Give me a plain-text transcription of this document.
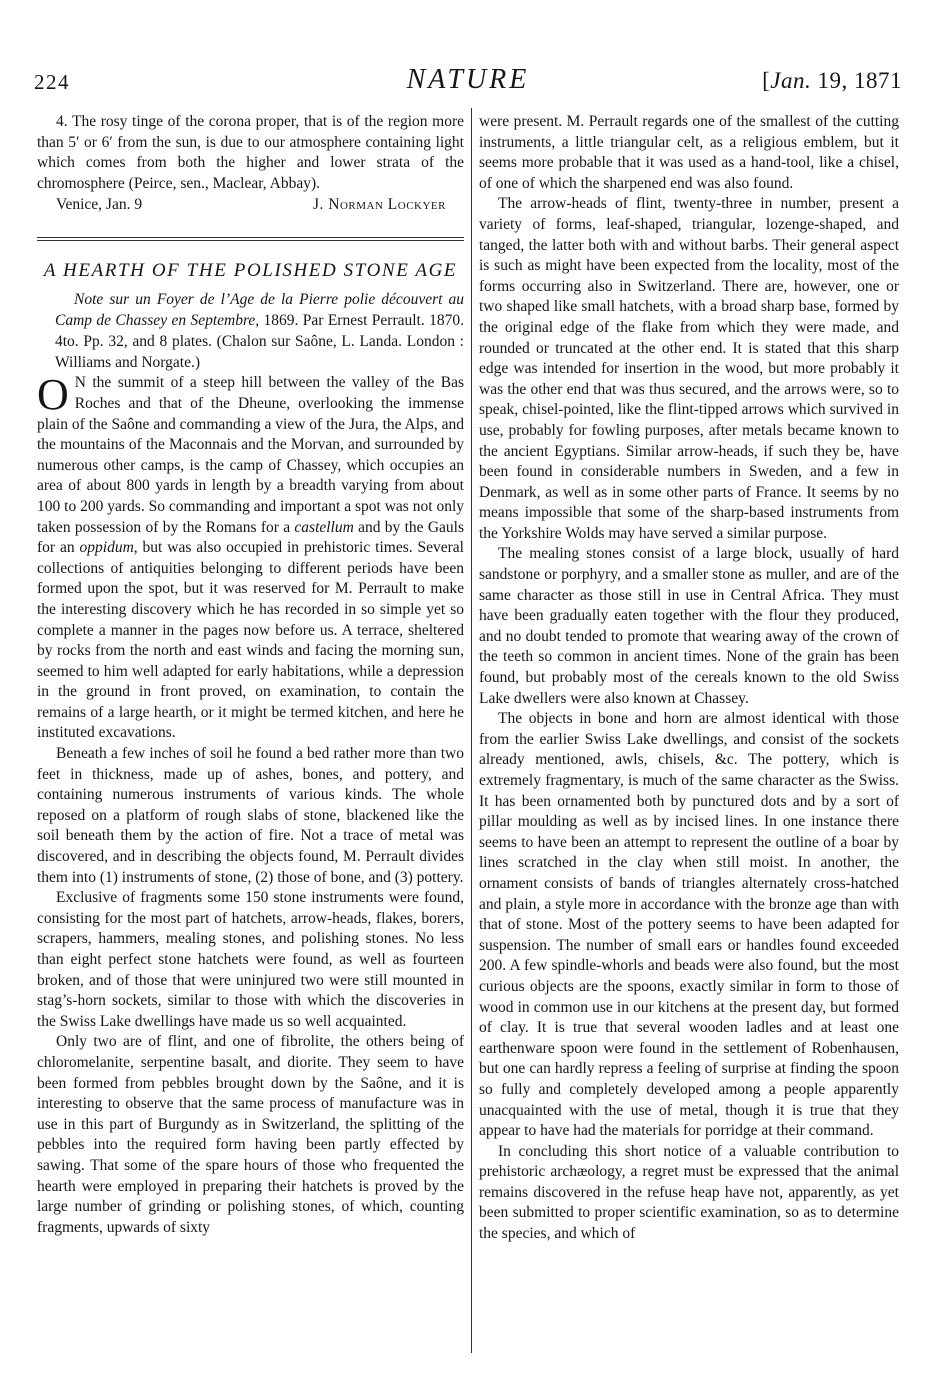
224	NATURE	[Jan. 19, 1871

4. The rosy tinge of the corona proper, that is of the region more than 5′ or 6′ from the sun, is due to our atmosphere containing light which comes from both the higher and lower strata of the chromosphere (Peirce, sen., Maclear, Abbay).

Venice, Jan. 9	J. Norman Lockyer
A HEARTH OF THE POLISHED STONE AGE

Note sur un Foyer de l’Age de la Pierre polie découvert au Camp de Chassey en Septembre, 1869. Par Ernest Perrault. 1870. 4to. Pp. 32, and 8 plates. (Chalon sur Saône, L. Landa. London : Williams and Norgate.)

O N the summit of a steep hill between the valley of the Bas Roches and that of the Dheune, overlooking the immense plain of the Saône and commanding a view of the Jura, the Alps, and the mountains of the Maconnais and the Morvan, and surrounded by numerous other camps, is the camp of Chassey, which occupies an area of about 800 yards in length by a breadth varying from about 100 to 200 yards. So commanding and important a spot was not only taken possession of by the Romans for a castellum and by the Gauls for an oppidum, but was also occupied in prehistoric times. Several collections of antiquities belonging to different periods have been formed upon the spot, but it was reserved for M. Perrault to make the interesting discovery which he has recorded in so simple yet so complete a manner in the pages now before us. A terrace, sheltered by rocks from the north and east winds and facing the morning sun, seemed to him well adapted for early habitations, while a depression in the ground in front proved, on examination, to contain the remains of a large hearth, or it might be termed kitchen, and here he instituted excavations.

Beneath a few inches of soil he found a bed rather more than two feet in thickness, made up of ashes, bones, and pottery, and containing numerous instruments of various kinds. The whole reposed on a platform of rough slabs of stone, blackened like the soil beneath them by the action of fire. Not a trace of metal was discovered, and in describing the objects found, M. Perrault divides them into (1) instruments of stone, (2) those of bone, and (3) pottery.

Exclusive of fragments some 150 stone instruments were found, consisting for the most part of hatchets, arrow-heads, flakes, borers, scrapers, hammers, mealing stones, and polishing stones. No less than eight perfect stone hatchets were found, as well as fourteen broken, and of those that were uninjured two were still mounted in stag’s-horn sockets, similar to those with which the discoveries in the Swiss Lake dwellings have made us so well acquainted.

Only two are of flint, and one of fibrolite, the others being of chloromelanite, serpentine basalt, and diorite. They seem to have been formed from pebbles brought down by the Saône, and it is interesting to observe that the same process of manufacture was in use in this part of Burgundy as in Switzerland, the splitting of the pebbles into the required form having been partly effected by sawing. That some of the spare hours of those who frequented the hearth were employed in preparing their hatchets is proved by the large number of grinding or polishing stones, of which, counting fragments, upwards of sixty

were present. M. Perrault regards one of the smallest of the cutting instruments, a little triangular celt, as a religious emblem, but it seems more probable that it was used as a hand-tool, like a chisel, of one of which the sharpened end was also found.

The arrow-heads of flint, twenty-three in number, present a variety of forms, leaf-shaped, triangular, lozenge-shaped, and tanged, the latter both with and without barbs. Their general aspect is such as might have been expected from the locality, most of the forms occurring also in Switzerland. There are, however, one or two shaped like small hatchets, with a broad sharp base, formed by the original edge of the flake from which they were made, and rounded or truncated at the other end. It is stated that this sharp edge was intended for insertion in the wood, but more probably it was the other end that was thus secured, and the arrows were, so to speak, chisel-pointed, like the flint-tipped arrows which survived in use, probably for fowling purposes, after metals became known to the ancient Egyptians. Similar arrow-heads, if such they be, have been found in considerable numbers in Sweden, and a few in Denmark, as well as in some other parts of France. It seems by no means impossible that some of the sharp-based instruments from the Yorkshire Wolds may have served a similar purpose.

The mealing stones consist of a large block, usually of hard sandstone or porphyry, and a smaller stone as muller, and are of the same character as those still in use in Central Africa. They must have been gradually eaten together with the flour they produced, and no doubt tended to promote that wearing away of the crown of the teeth so common in ancient times. None of the grain has been found, but probably most of the cereals known to the old Swiss Lake dwellers were also known at Chassey.

The objects in bone and horn are almost identical with those from the earlier Swiss Lake dwellings, and consist of the sockets already mentioned, awls, chisels, &c. The pottery, which is extremely fragmentary, is much of the same character as the Swiss. It has been ornamented both by punctured dots and by a sort of pillar moulding as well as by incised lines. In one instance there seems to have been an attempt to represent the outline of a boar by lines scratched in the clay when still moist. In another, the ornament consists of bands of triangles alternately cross-hatched and plain, a style more in accordance with the bronze age than with that of stone. Most of the pottery seems to have been adapted for suspension. The number of small ears or handles found exceeded 200. A few spindle-whorls and beads were also found, but the most curious objects are the spoons, exactly similar in form to those of wood in common use in our kitchens at the present day, but formed of clay. It is true that several wooden ladles and at least one earthenware spoon were found in the settlement of Robenhausen, but one can hardly repress a feeling of surprise at finding the spoon so fully and completely developed among a people apparently unacquainted with the use of metal, though it is true that they appear to have had the materials for porridge at their command.

In concluding this short notice of a valuable contribution to prehistoric archæology, a regret must be expressed that the animal remains discovered in the refuse heap have not, apparently, as yet been submitted to proper scientific examination, so as to determine the species, and which of
